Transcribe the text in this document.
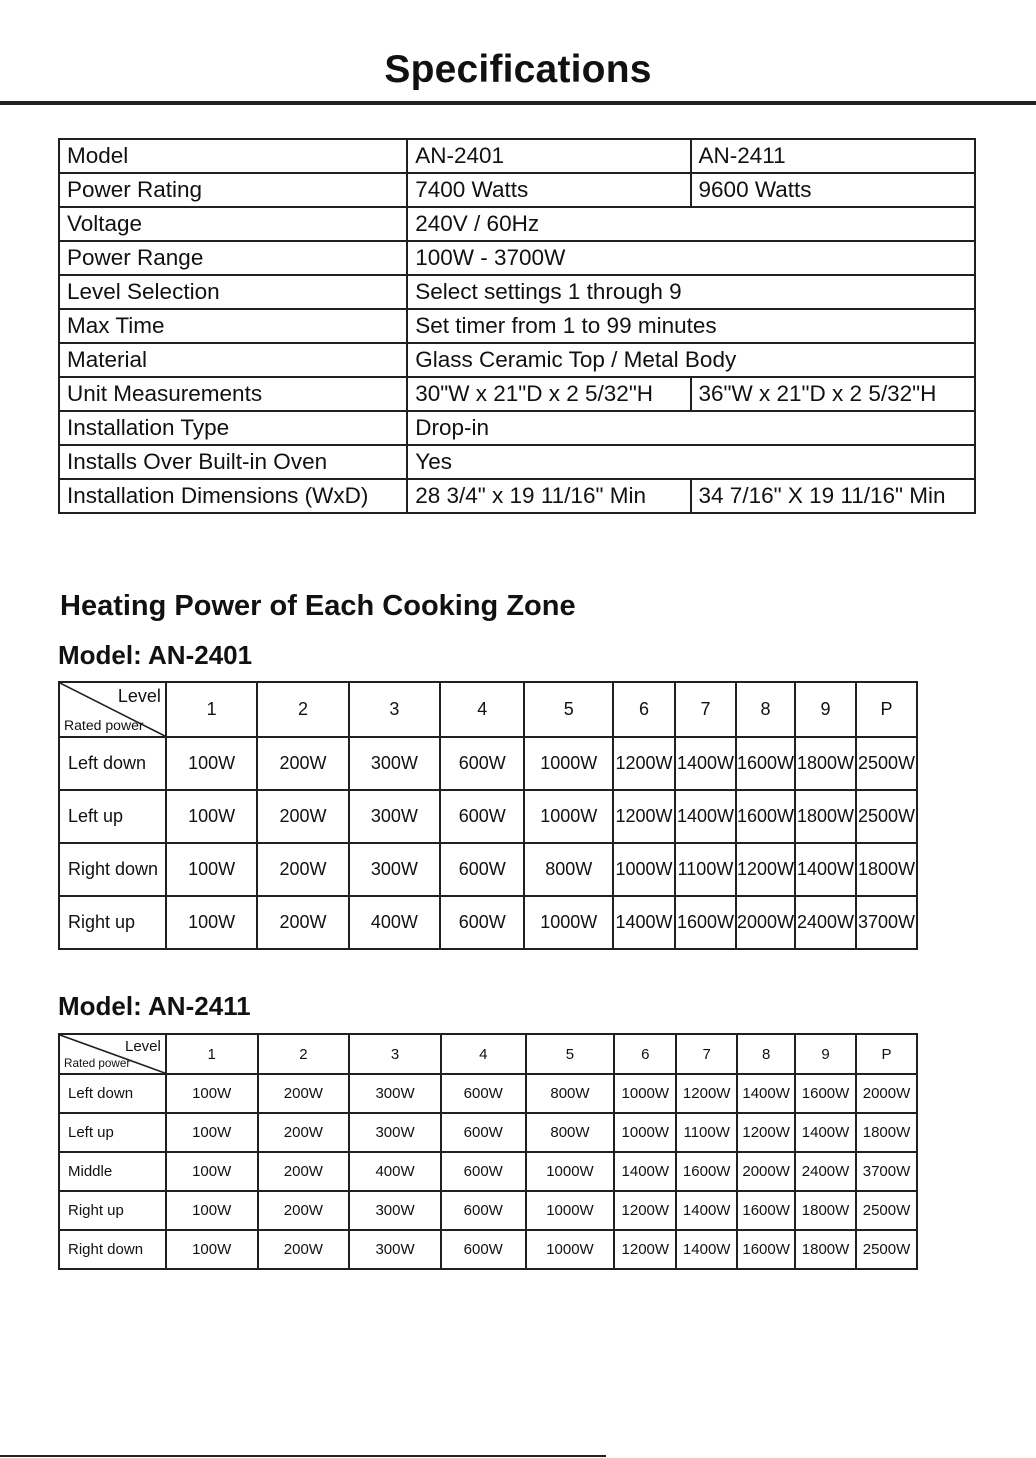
Specifications
Model	AN-2401	AN-2411
Power Rating	7400 Watts	9600 Watts
Voltage	240V / 60Hz	
Power Range	100W - 3700W	
Level Selection	Select settings 1 through 9	
Max Time	Set timer from 1 to 99 minutes	
Material	Glass Ceramic Top / Metal Body	
Unit Measurements	30"W x 21"D x 2 5/32"H	36"W x 21"D x 2 5/32"H
Installation Type	Drop-in	
Installs Over Built-in Oven	Yes	
Installation Dimensions (WxD)	28 3/4" x 19 11/16" Min	34 7/16" X 19 11/16" Min
Heating Power of Each Cooking Zone
Model: AN-2401
Level
Rated power	1	2	3	4	5	6	7	8	9	P
Left down	100W	200W	300W	600W	1000W	1200W	1400W	1600W	1800W	2500W
Left up	100W	200W	300W	600W	1000W	1200W	1400W	1600W	1800W	2500W
Right down	100W	200W	300W	600W	800W	1000W	1100W	1200W	1400W	1800W
Right up	100W	200W	400W	600W	1000W	1400W	1600W	2000W	2400W	3700W
Model: AN-2411
Level
Rated power	1	2	3	4	5	6	7	8	9	P
Left down	100W	200W	300W	600W	800W	1000W	1200W	1400W	1600W	2000W
Left up	100W	200W	300W	600W	800W	1000W	1100W	1200W	1400W	1800W
Middle	100W	200W	400W	600W	1000W	1400W	1600W	2000W	2400W	3700W
Right up	100W	200W	300W	600W	1000W	1200W	1400W	1600W	1800W	2500W
Right down	100W	200W	300W	600W	1000W	1200W	1400W	1600W	1800W	2500W
